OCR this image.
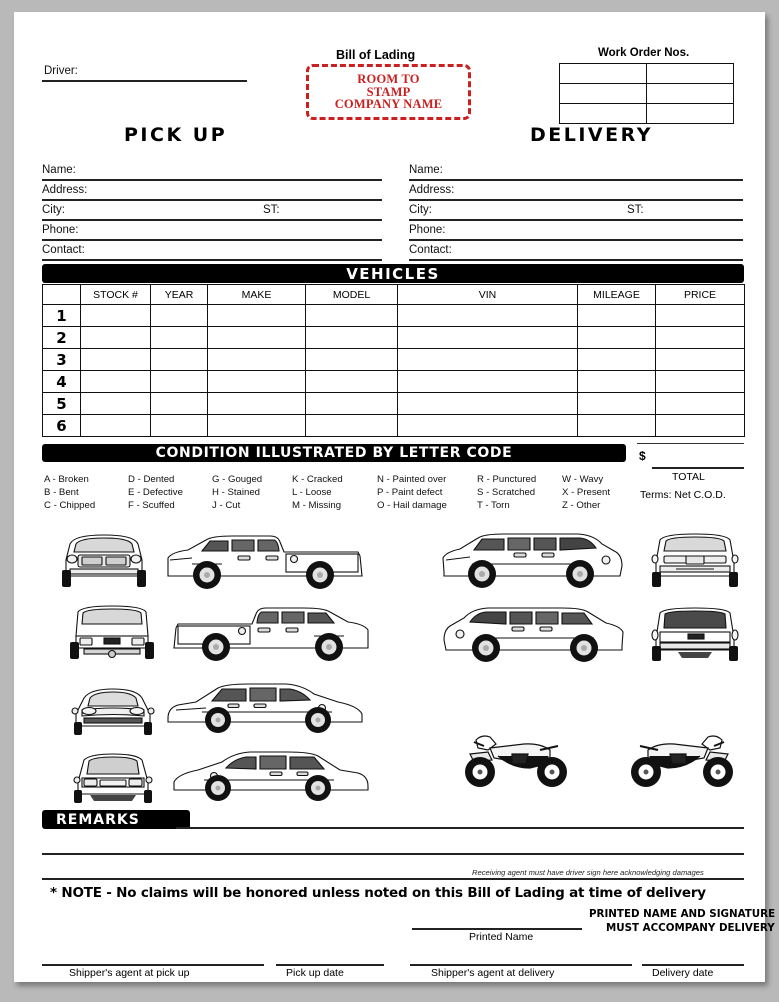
Driver:
Bill of Lading
ROOM TO
STAMP
COMPANY NAME
Work Order Nos.

PICK UP	DELIVERY
Name:
Address:
City:	ST:
Phone:
Contact:
Name:
Address:
City:	ST:
Phone:
Contact:
VEHICLES
	STOCK #	YEAR	MAKE	MODEL	VIN	MILEAGE	PRICE
1							
2							
3							
4							
5							
6							
CONDITION ILLUSTRATED BY LETTER CODE
A - Broken
B - Bent
C - Chipped
D - Dented
E - Defective
F - Scuffed
G - Gouged
H - Stained
J - Cut
K - Cracked
L - Loose
M - Missing
N - Painted over
P - Paint defect
O - Hail damage
R - Punctured
S - Scratched
T - Torn
W - Wavy
X - Present
Z - Other
$
TOTAL
Terms: Net C.O.D.
REMARKS
Receiving agent must have driver sign here acknowledging damages
* NOTE - No claims will be honored unless noted on this Bill of Lading at time of delivery
PRINTED NAME AND SIGNATURE
MUST ACCOMPANY DELIVERY
Printed Name
Shipper's agent at pick up	Pick up date	Shipper's agent at delivery	Delivery date
